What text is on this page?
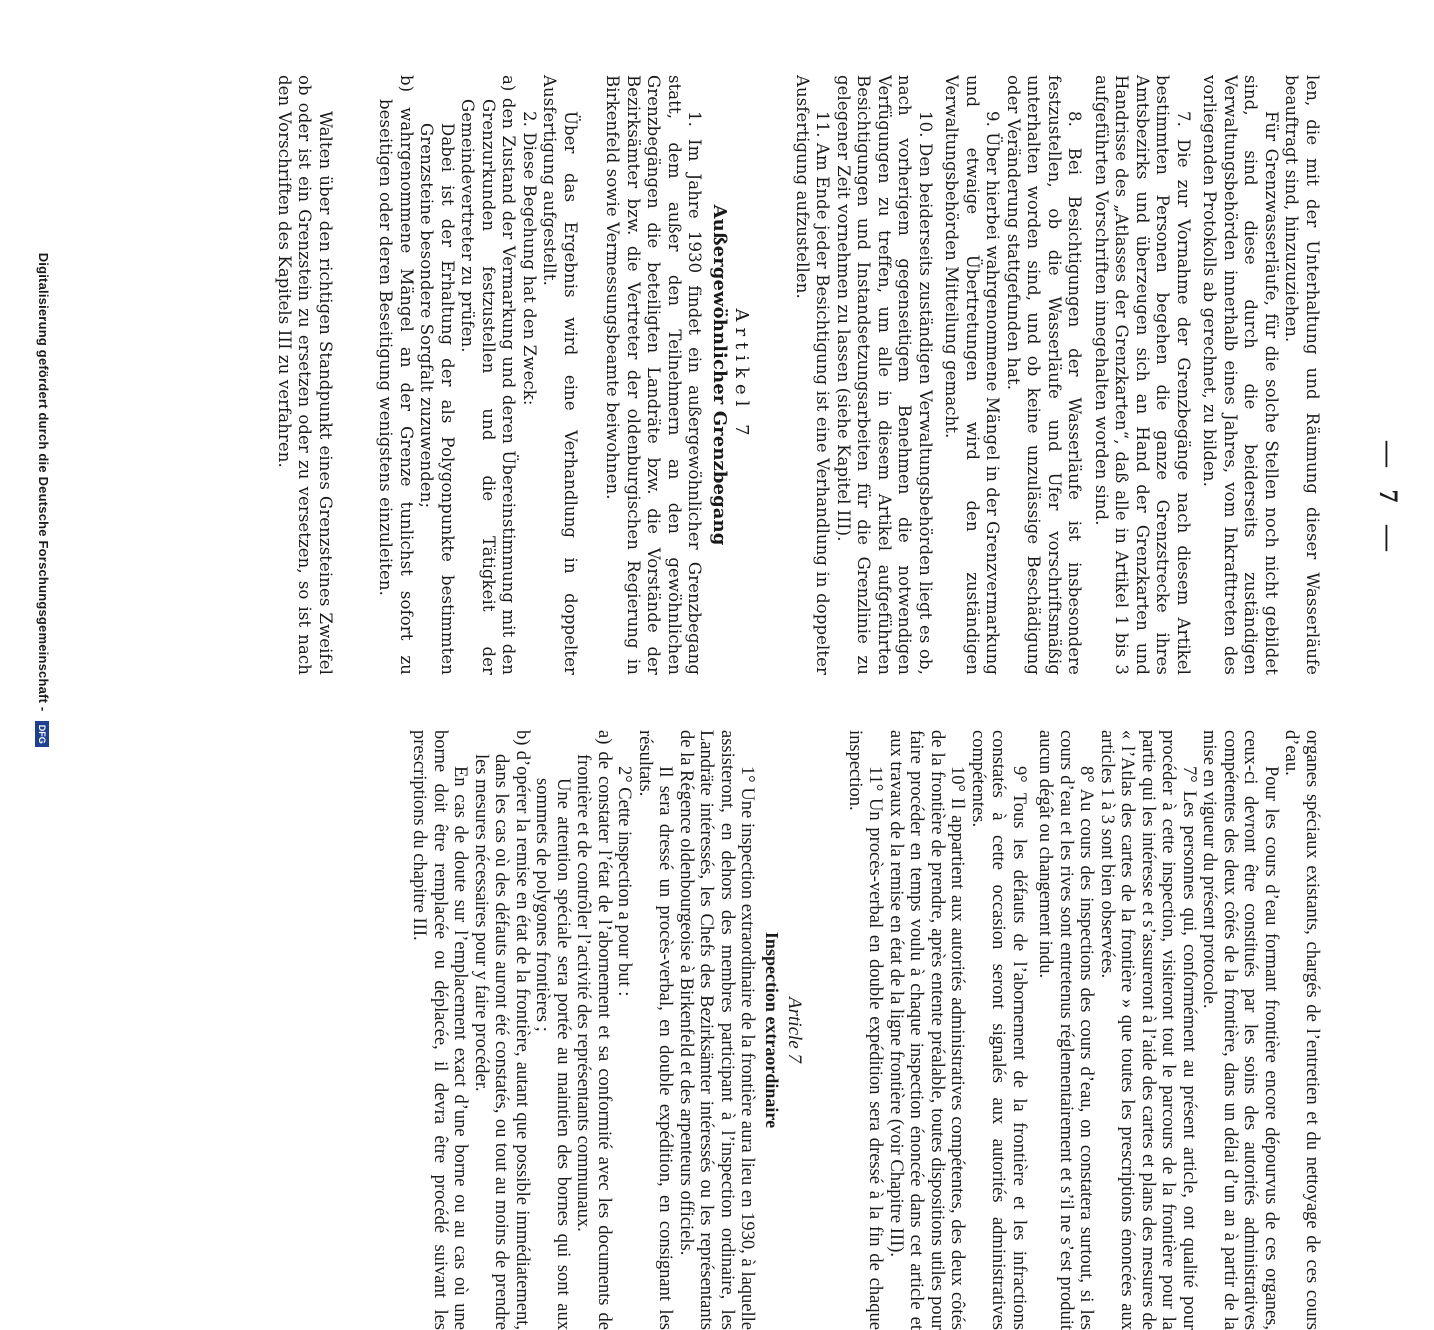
— 7 —

len, die mit der Unterhaltung und Räumung dieser Wasserläufe beauftragt sind, hinzuzuziehen.

Für Grenzwasserläufe, für die solche Stellen noch nicht gebildet sind, sind diese durch die beiderseits zuständigen Verwaltungsbehörden innerhalb eines Jahres, vom Inkrafttreten des vorliegenden Protokolls ab gerechnet, zu bilden.

7. Die zur Vornahme der Grenzbegänge nach diesem Artikel bestimmten Personen begehen die ganze Grenzstrecke ihres Amtsbezirks und überzeugen sich an Hand der Grenzkarten und Handrisse des „Atlasses der Grenzkarten“, daß alle in Artikel 1 bis 3 aufgeführten Vorschriften innegehalten worden sind.

8. Bei Besichtigungen der Wasserläufe ist insbesondere festzustellen, ob die Wasserläufe und Ufer vorschriftsmäßig unterhalten worden sind, und ob keine unzulässige Beschädigung oder Veränderung stattgefunden hat.

9. Über hierbei wahrgenommene Mängel in der Grenzvermarkung und etwaige Übertretungen wird den zuständigen Verwaltungsbehörden Mitteilung gemacht.

10. Den beiderseits zuständigen Verwaltungsbehörden liegt es ob, nach vorherigem gegenseitigem Benehmen die notwendigen Verfügungen zu treffen, um alle in diesem Artikel aufgeführten Besichtigungen und Instandsetzungsarbeiten für die Grenzlinie zu gelegener Zeit vornehmen zu lassen (siehe Kapitel III).

11. Am Ende jeder Besichtigung ist eine Verhandlung in doppelter Ausfertigung aufzustellen.

Artikel 7
Außergewöhnlicher Grenzbegang

1. Im Jahre 1930 findet ein außergewöhnlicher Grenzbegang statt, dem außer den Teilnehmern an den gewöhnlichen Grenzbegängen die beteiligten Landräte bzw. die Vorstände der Bezirksämter bzw. die Vertreter der oldenburgischen Regierung in Birkenfeld sowie Vermessungsbeamte beiwohnen.

Über das Ergebnis wird eine Verhandlung in doppelter Ausfertigung aufgestellt.

2. Diese Begehung hat den Zweck:

a) den Zustand der Vermarkung und deren Übereinstimmung mit den Grenzurkunden festzustellen und die Tätigkeit der Gemeindevertreter zu prüfen.

Dabei ist der Erhaltung der als Polygonpunkte bestimmten Grenzsteine besondere Sorgfalt zuzuwenden;

b) wahrgenommene Mängel an der Grenze tunlichst sofort zu beseitigen oder deren Beseitigung wenigstens einzuleiten.

Walten über den richtigen Standpunkt eines Grenzsteines Zweifel ob oder ist ein Grenzstein zu ersetzen oder zu versetzen, so ist nach den Vorschriften des Kapitels III zu verfahren.

organes spéciaux existants, chargés de l’entretien et du nettoyage de ces cours d’eau.

Pour les cours d’eau formant frontière encore dépourvus de ces organes, ceux-ci devront être constitués par les soins des autorités administratives compétentes des deux côtés de la frontière, dans un délai d’un an à partir de la mise en vigueur du présent protocole.

7° Les personnes qui, conformément au présent article, ont qualité pour procéder à cette inspection, visiteront tout le parcours de la frontière pour la partie qui les intéresse et s’assureront à l’aide des cartes et plans des mesures de « l’Atlas des cartes de la frontière » que toutes les prescriptions énoncées aux articles 1 à 3 sont bien observées.

8° Au cours des inspections des cours d’eau, on constatera surtout, si les cours d’eau et les rives sont entretenus réglementairement et s’il ne s’est produit aucun dégât ou changement indu.

9° Tous les défauts de l’abornement de la frontière et les infractions constatés à cette occasion seront signalés aux autorités administratives compétentes.

10° Il appartient aux autorités administratives compétentes, des deux côtés de la frontière de prendre, après entente préalable, toutes dispositions utiles pour faire procéder en temps voulu à chaque inspection énoncée dans cet article et aux travaux de la remise en état de la ligne frontière (voir Chapitre III).

11° Un procès-verbal en double expédition sera dressé à la fin de chaque inspection.

Article 7
Inspection extraordinaire

1° Une inspection extraordinaire de la frontière aura lieu en 1930, à laquelle assisteront, en dehors des membres participant à l’inspection ordinaire, les Landräte intéressés, les Chefs des Bezirksämter intéressés ou les représentants de la Régence oldenbourgeoise à Birkenfeld et des arpenteurs officiels.

Il sera dressé un procès-verbal, en double expédition, en consignant les résultats.

2° Cette inspection a pour but :

a) de constater l’état de l’abornement et sa conformité avec les documents de frontière et de contrôler l’activité des représentants communaux.

Une attention spéciale sera portée au maintien des bornes qui sont aux sommets de polygones frontières ;

b) d’opérer la remise en état de la frontière, autant que possible immédiatement, dans les cas où des défauts auront été constatés, ou tout au moins de prendre les mesures nécessaires pour y faire procéder.

En cas de doute sur l’emplacement exact d’une borne ou au cas où une borne doit être remplacée ou déplacée, il devra être procédé suivant les prescriptions du chapitre III.

Digitalisierung gefördert durch die Deutsche Forschungsgemeinschaft - DFG
